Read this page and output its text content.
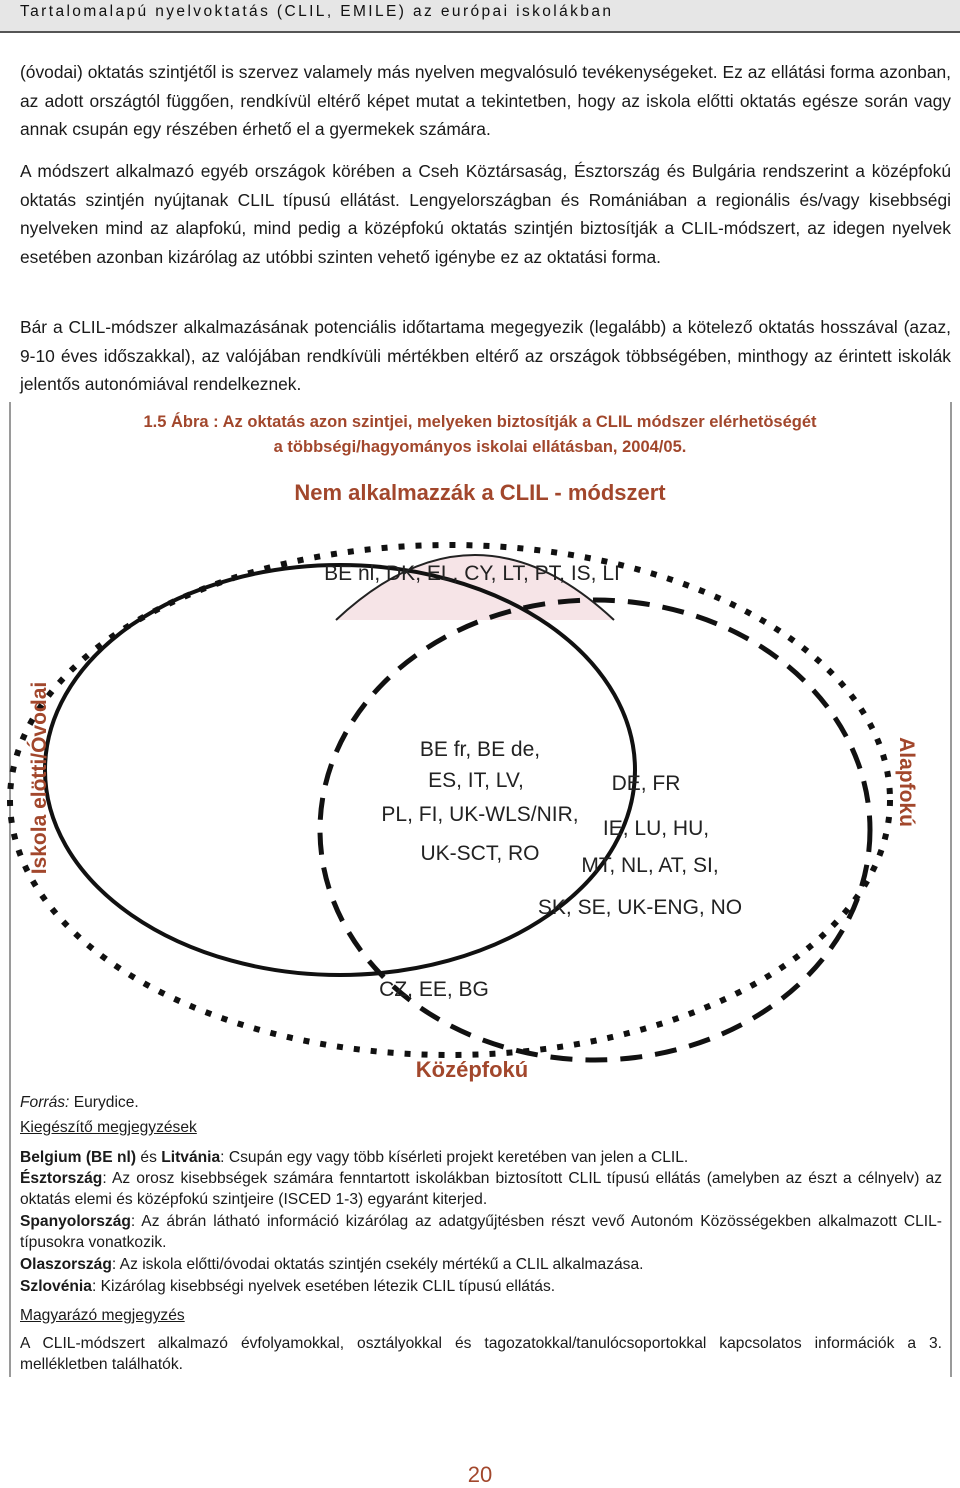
Tartalomalapú nyelvoktatás (CLIL, EMILE) az európai iskolákban

(óvodai) oktatás szintjétől is szervez valamely más nyelven megvalósuló tevékenységeket. Ez az ellátási forma azonban, az adott országtól függően, rendkívül eltérő képet mutat a tekintetben, hogy az iskola előtti oktatás egésze során vagy annak csupán egy részében érhető el a gyermekek számára.

A módszert alkalmazó egyéb országok körében a Cseh Köztársaság, Észtország és Bulgária rendszerint a középfokú oktatás szintjén nyújtanak CLIL típusú ellátást. Lengyelországban és Romániában a regionális és/vagy kisebbségi nyelveken mind az alapfokú, mind pedig a középfokú oktatás szintjén biztosítják a CLIL-módszert, az idegen nyelvek esetében azonban kizárólag az utóbbi szinten vehető igénybe ez az oktatási forma.

Bár a CLIL-módszer alkalmazásának potenciális időtartama megegyezik (legalább) a kötelező oktatás hosszával (azaz, 9-10 éves időszakkal), az valójában rendkívüli mértékben eltérő az országok többségében, minthogy az érintett iskolák jelentős autonómiával rendelkeznek.

1.5 Ábra : Az oktatás azon szintjei, melyeken biztosítják a CLIL módszer elérhetöségét

a többségi/hagyományos iskolai ellátásban, 2004/05.

Nem alkalmazzák a CLIL - módszert

BE nl, DK, EL, CY, LT, PT, IS, LI
BE fr, BE de,
ES, IT, LV,
PL, FI, UK-WLS/NIR,
UK-SCT, RO
DE, FR
IE, LU, HU,
MT, NL, AT, SI,
SK, SE, UK-ENG, NO
CZ, EE, BG
Középfokú
Iskola elötti/Óvodai	Alapfokú

Forrás: Eurydice.

Kiegészítő megjegyzések

Belgium (BE nl) és Litvánia: Csupán egy vagy több kísérleti projekt keretében van jelen a CLIL.

Észtország: Az orosz kisebbségek számára fenntartott iskolákban biztosított CLIL típusú ellátás (amelyben az észt a célnyelv) az oktatás elemi és középfokú szintjeire (ISCED 1-3) egyaránt kiterjed.

Spanyolország: Az ábrán látható információ kizárólag az adatgyűjtésben részt vevő Autonóm Közösségekben alkalmazott CLIL-típusokra vonatkozik.

Olaszország: Az iskola előtti/óvodai oktatás szintjén csekély mértékű a CLIL alkalmazása.

Szlovénia: Kizárólag kisebbségi nyelvek esetében létezik CLIL típusú ellátás.

Magyarázó megjegyzés

A CLIL-módszert alkalmazó évfolyamokkal, osztályokkal és tagozatokkal/tanulócsoportokkal kapcsolatos információk a 3. mellékletben találhatók.

20
